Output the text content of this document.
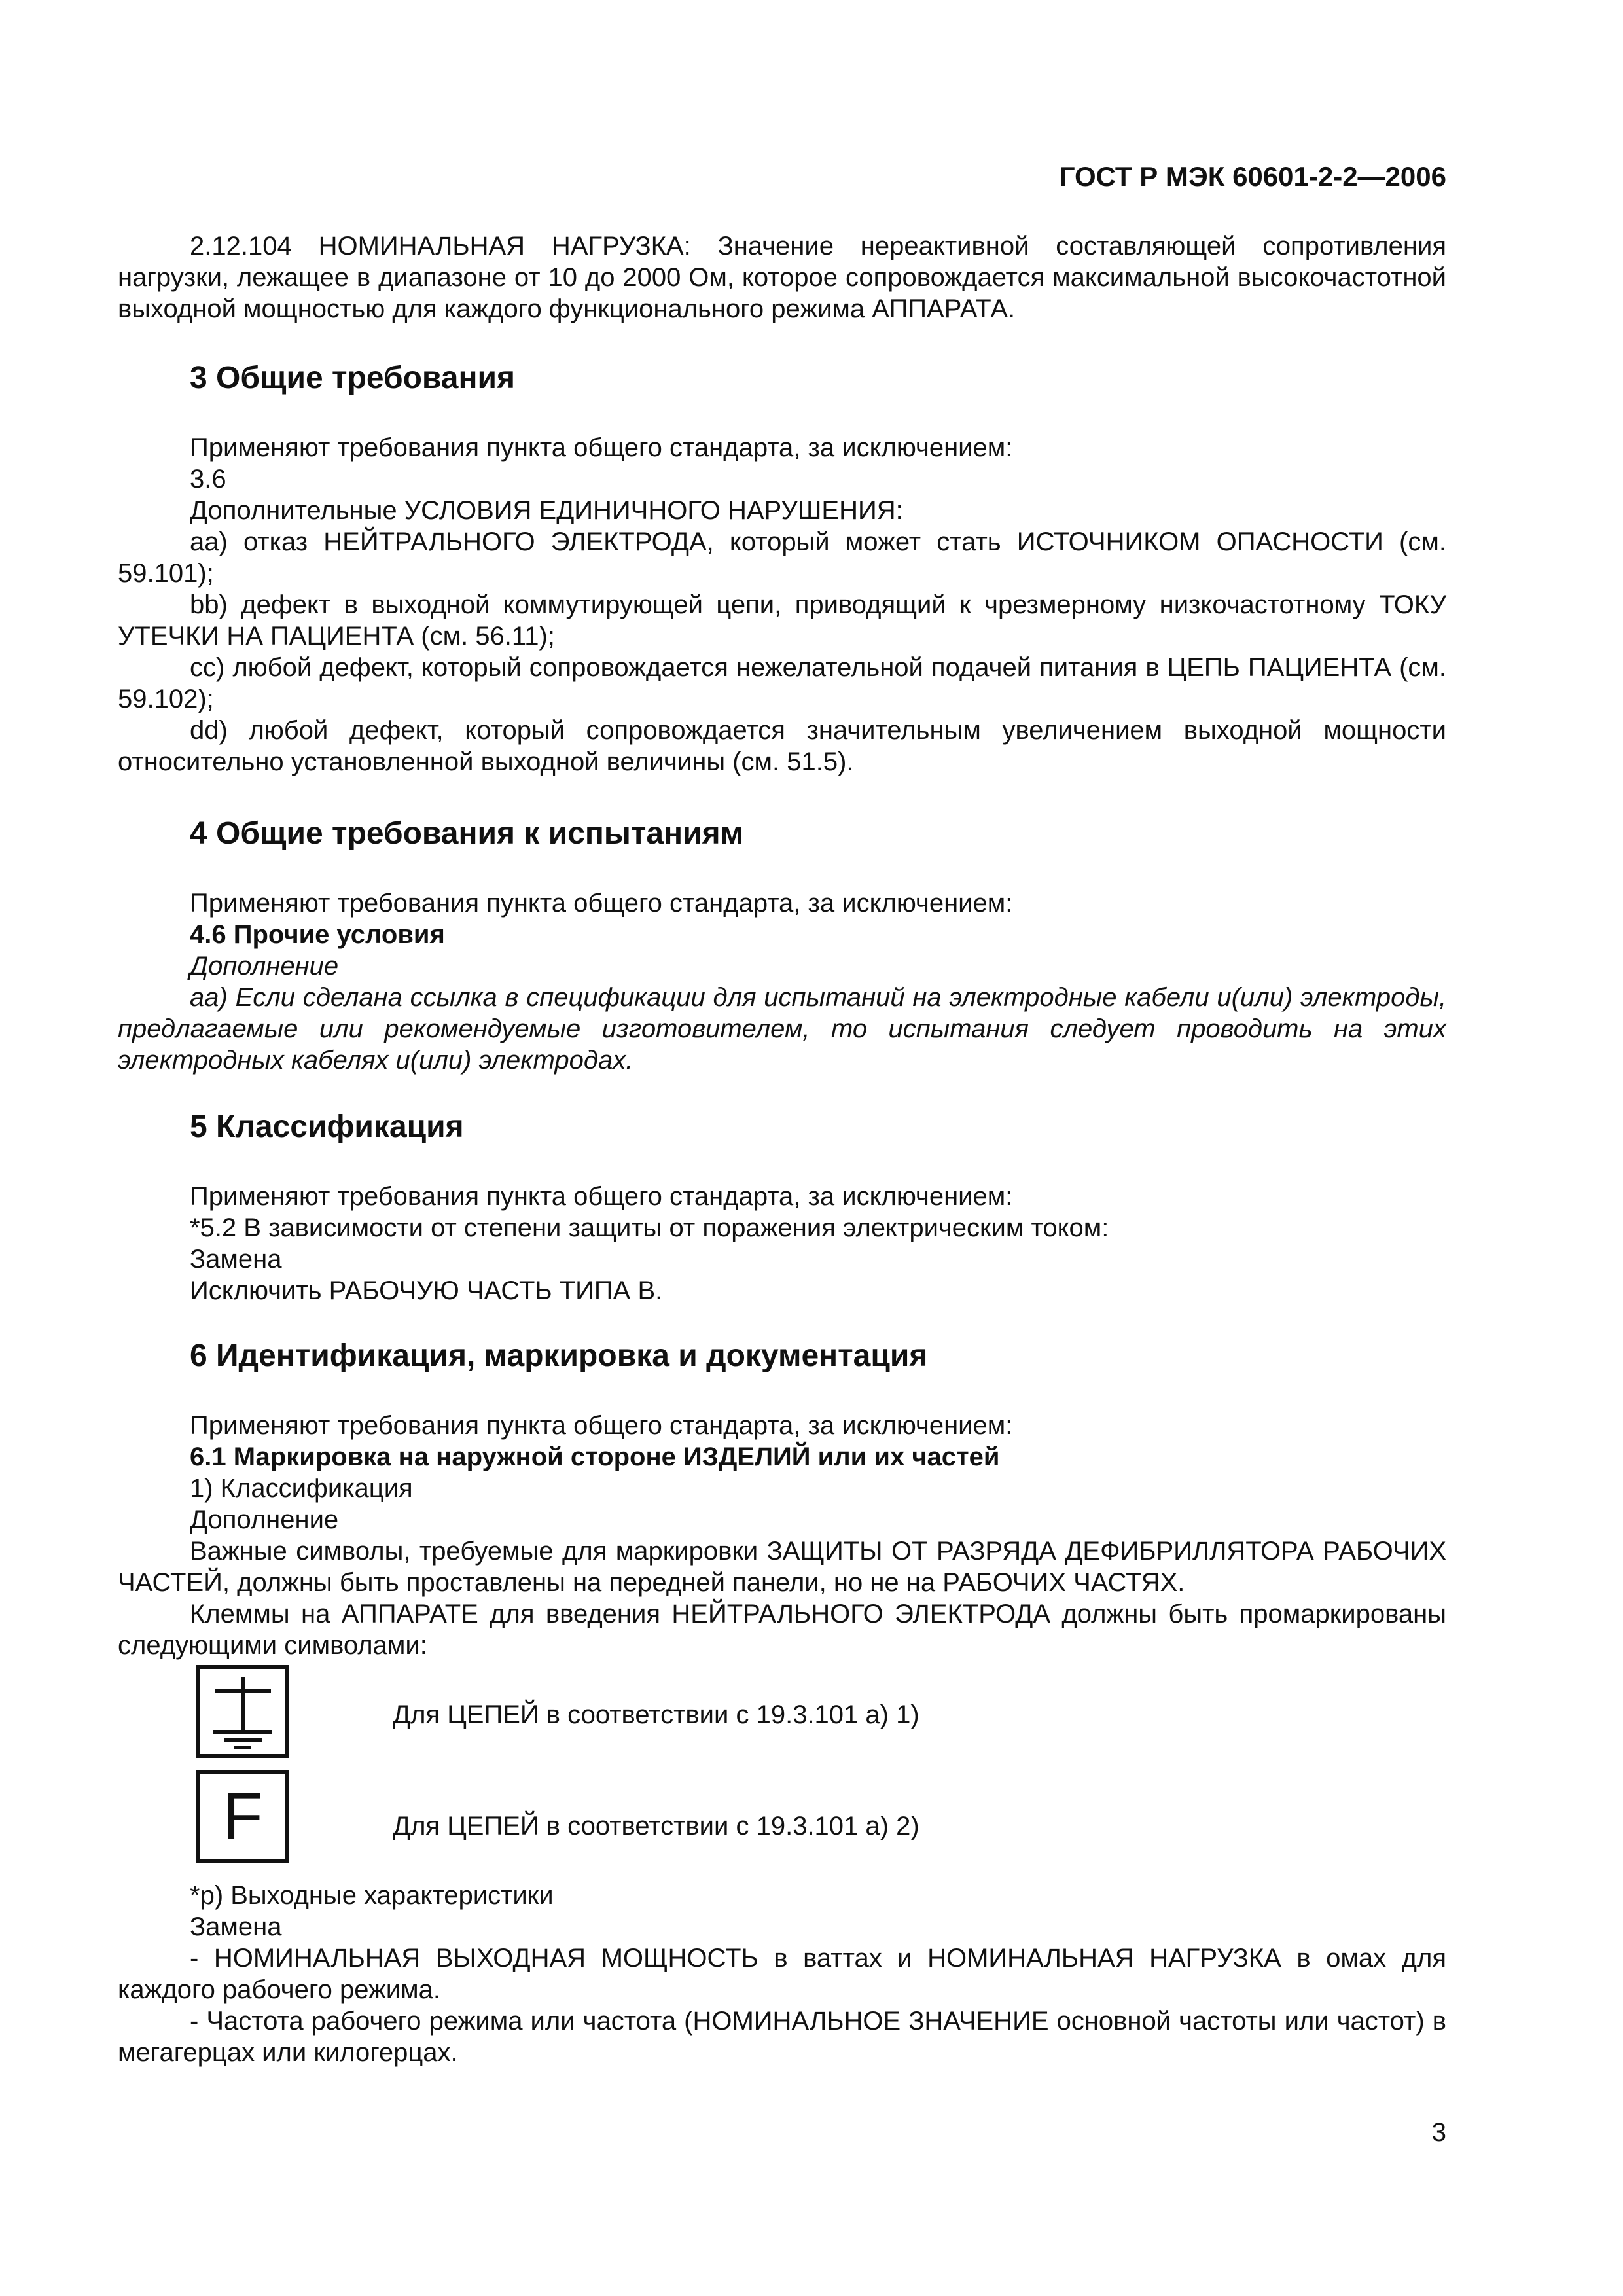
ГОСТ Р МЭК 60601-2-2—2006

2.12.104 НОМИНАЛЬНАЯ НАГРУЗКА: Значение нереактивной составляющей сопротивления нагрузки, лежащее в диапазоне от 10 до 2000 Ом, которое сопровождается максимальной высокочастотной выходной мощностью для каждого функционального режима АППАРАТА.

3 Общие требования

Применяют требования пункта общего стандарта, за исключением:

3.6

Дополнительные УСЛОВИЯ ЕДИНИЧНОГО НАРУШЕНИЯ:

аа) отказ НЕЙТРАЛЬНОГО ЭЛЕКТРОДА, который может стать ИСТОЧНИКОМ ОПАСНОСТИ (см. 59.101);

bb) дефект в выходной коммутирующей цепи, приводящий к чрезмерному низкочастотному ТОКУ УТЕЧКИ НА ПАЦИЕНТА (см. 56.11);

сс) любой дефект, который сопровождается нежелательной подачей питания в ЦЕПЬ ПАЦИЕНТА (см. 59.102);

dd) любой дефект, который сопровождается значительным увеличением выходной мощности относительно установленной выходной величины (см. 51.5).

4 Общие требования к испытаниям

Применяют требования пункта общего стандарта, за исключением:

4.6 Прочие условия

Дополнение

аа) Если сделана ссылка в спецификации для испытаний на электродные кабели и(или) электроды, предлагаемые или рекомендуемые изготовителем, то испытания следует проводить на этих электродных кабелях и(или) электродах.

5 Классификация

Применяют требования пункта общего стандарта, за исключением:

*5.2 В зависимости от степени защиты от поражения электрическим током:

Замена

Исключить РАБОЧУЮ ЧАСТЬ ТИПА В.

6 Идентификация, маркировка и документация

Применяют требования пункта общего стандарта, за исключением:

6.1 Маркировка на наружной стороне ИЗДЕЛИЙ или их частей

1) Классификация

Дополнение

Важные символы, требуемые для маркировки ЗАЩИТЫ ОТ РАЗРЯДА ДЕФИБРИЛЛЯТОРА РАБОЧИХ ЧАСТЕЙ, должны быть проставлены на передней панели, но не на РАБОЧИХ ЧАСТЯХ.

Клеммы на АППАРАТЕ для введения НЕЙТРАЛЬНОГО ЭЛЕКТРОДА должны быть промаркированы следующими символами:

Для ЦЕПЕЙ в соответствии с 19.3.101 а) 1)
F	Для ЦЕПЕЙ в соответствии с 19.3.101 а) 2)

*р) Выходные характеристики

Замена

- НОМИНАЛЬНАЯ ВЫХОДНАЯ МОЩНОСТЬ в ваттах и НОМИНАЛЬНАЯ НАГРУЗКА в омах для каждого рабочего режима.

- Частота рабочего режима или частота (НОМИНАЛЬНОЕ ЗНАЧЕНИЕ основной частоты или частот) в мегагерцах или килогерцах.

3
